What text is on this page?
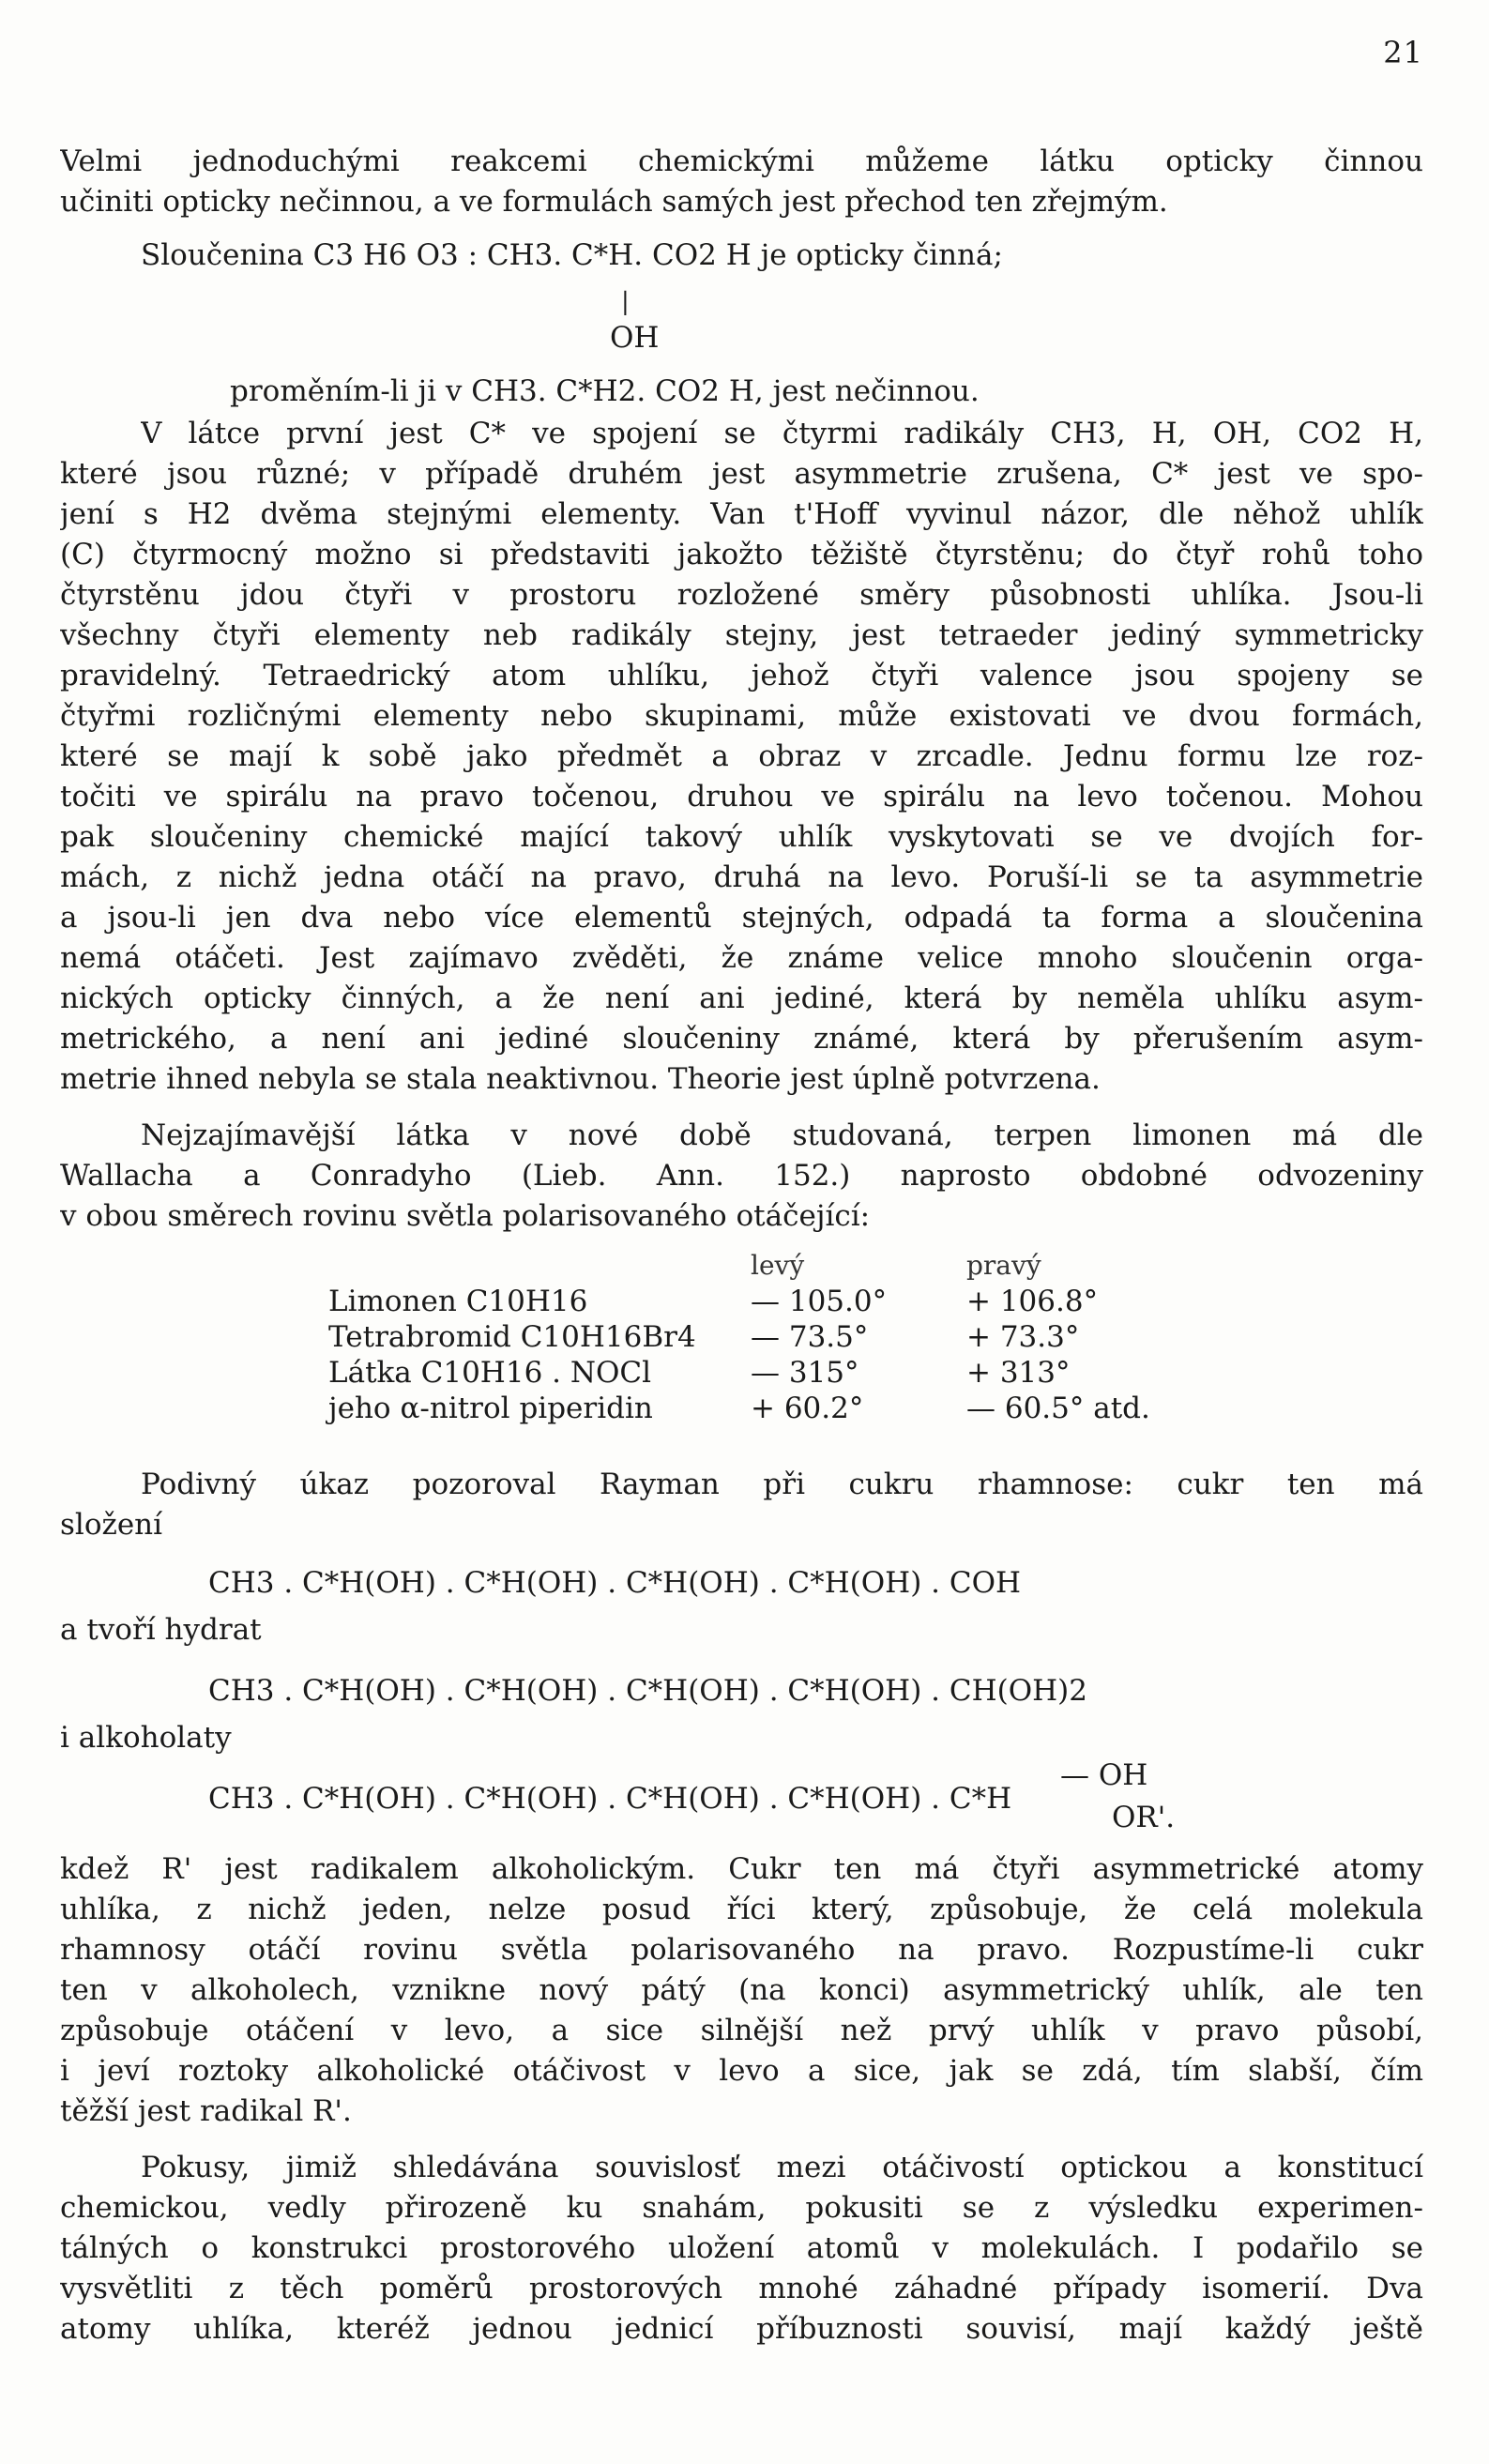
21
Velmi jednoduchými reakcemi chemickými můžeme látku opticky činnou
učiniti opticky nečinnou, a ve formulách samých jest přechod ten zřejmým.
Sloučenina C3 H6 O3 : CH3. C*H. CO2 H je opticky činná;
|
OH
proměním-li ji v CH3. C*H2. CO2 H, jest nečinnou.
V látce první jest C* ve spojení se čtyrmi radikály CH3, H, OH, CO2 H,
které jsou různé; v případě druhém jest asymmetrie zrušena, C* jest ve spo-
jení s H2 dvěma stejnými elementy. Van t'Hoff vyvinul názor, dle něhož uhlík
(C) čtyrmocný možno si představiti jakožto těžiště čtyrstěnu; do čtyř rohů toho
čtyrstěnu jdou čtyři v prostoru rozložené směry působnosti uhlíka. Jsou-li
všechny čtyři elementy neb radikály stejny, jest tetraeder jediný symmetricky
pravidelný. Tetraedrický atom uhlíku, jehož čtyři valence jsou spojeny se
čtyřmi rozličnými elementy nebo skupinami, může existovati ve dvou formách,
které se mají k sobě jako předmět a obraz v zrcadle. Jednu formu lze roz-
točiti ve spirálu na pravo točenou, druhou ve spirálu na levo točenou. Mohou
pak sloučeniny chemické mající takový uhlík vyskytovati se ve dvojích for-
mách, z nichž jedna otáčí na pravo, druhá na levo. Poruší-li se ta asymmetrie
a jsou-li jen dva nebo více elementů stejných, odpadá ta forma a sloučenina
nemá otáčeti. Jest zajímavo zvěděti, že známe velice mnoho sloučenin orga-
nických opticky činných, a že není ani jediné, která by neměla uhlíku asym-
metrického, a není ani jediné sloučeniny známé, která by přerušením asym-
metrie ihned nebyla se stala neaktivnou. Theorie jest úplně potvrzena.
Nejzajímavější látka v nové době studovaná, terpen limonen má dle
Wallacha a Conradyho (Lieb. Ann. 152.) naprosto obdobné odvozeniny
v obou směrech rovinu světla polarisovaného otáčející:
levý	pravý
Limonen C10H16	— 105.0°	+ 106.8°
Tetrabromid C10H16Br4	— 73.5°	+ 73.3°
Látka C10H16 . NOCl	— 315°	+ 313°
jeho α-nitrol piperidin	+ 60.2°	— 60.5° atd.
Podivný úkaz pozoroval Rayman při cukru rhamnose: cukr ten má
složení
CH3 . C*H(OH) . C*H(OH) . C*H(OH) . C*H(OH) . COH
a tvoří hydrat
CH3 . C*H(OH) . C*H(OH) . C*H(OH) . C*H(OH) . CH(OH)2
i alkoholaty
CH3 . C*H(OH) . C*H(OH) . C*H(OH) . C*H(OH) . C*H
— OH
OR'.
kdež R' jest radikalem alkoholickým. Cukr ten má čtyři asymmetrické atomy
uhlíka, z nichž jeden, nelze posud říci který, způsobuje, že celá molekula
rhamnosy otáčí rovinu světla polarisovaného na pravo. Rozpustíme-li cukr
ten v alkoholech, vznikne nový pátý (na konci) asymmetrický uhlík, ale ten
způsobuje otáčení v levo, a sice silnější než prvý uhlík v pravo působí,
i jeví roztoky alkoholické otáčivost v levo a sice, jak se zdá, tím slabší, čím
těžší jest radikal R'.
Pokusy, jimiž shledávána souvislosť mezi otáčivostí optickou a konstitucí
chemickou, vedly přirozeně ku snahám, pokusiti se z výsledku experimen-
tálných o konstrukci prostorového uložení atomů v molekulách. I podařilo se
vysvětliti z těch poměrů prostorových mnohé záhadné případy isomerií. Dva
atomy uhlíka, kteréž jednou jednicí příbuznosti souvisí, mají každý ještě
